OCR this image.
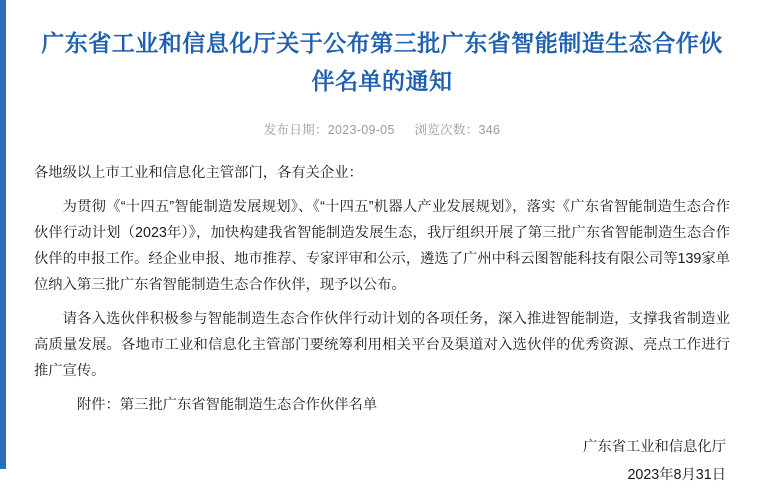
广东省工业和信息化厅关于公布第三批广东省智能制造生态合作伙伴名单的通知
发布日期：2023-09-05 浏览次数：346

各地级以上市工业和信息化主管部门，各有关企业：

为贯彻《“十四五”智能制造发展规划》、《“十四五”机器人产业发展规划》，落实《广东省智能制造生态合作伙伴行动计划（2023年）》，加快构建我省智能制造发展生态，我厅组织开展了第三批广东省智能制造生态合作伙伴的申报工作。经企业申报、地市推荐、专家评审和公示，遴选了广州中科云图智能科技有限公司等139家单位纳入第三批广东省智能制造生态合作伙伴，现予以公布。

请各入选伙伴积极参与智能制造生态合作伙伴行动计划的各项任务，深入推进智能制造，支撑我省制造业高质量发展。各地市工业和信息化主管部门要统筹利用相关平台及渠道对入选伙伴的优秀资源、亮点工作进行推广宣传。

附件：第三批广东省智能制造生态合作伙伴名单

广东省工业和信息化厅
2023年8月31日
